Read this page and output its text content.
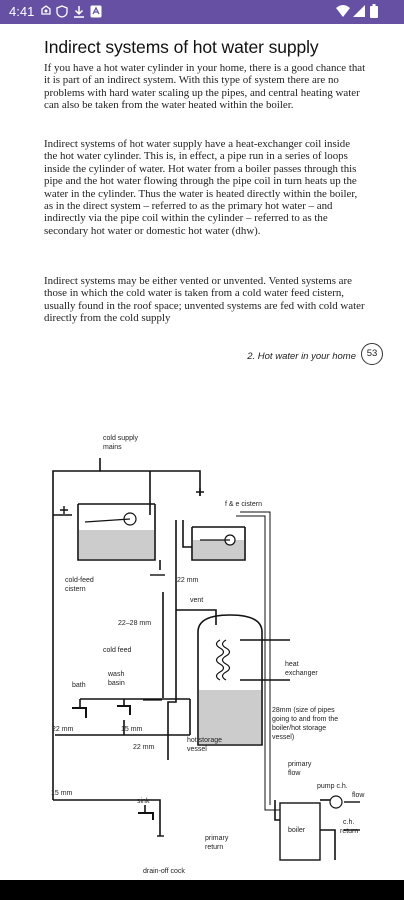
4:41
Indirect systems of hot water supply

If you have a hot water cylinder in your home, there is a good chance that it is part of an indirect system. With this type of system there are no problems with hard water scaling up the pipes, and central heating water can also be taken from the water heated within the boiler.

Indirect systems of hot water supply have a heat-exchanger coil inside the hot water cylinder. This is, in effect, a pipe run in a series of loops inside the cylinder of water. Hot water from a boiler passes through this pipe and the hot water flowing through the pipe coil in turn heats up the water in the cylinder. Thus the water is heated directly within the boiler, as in the direct system – referred to as the primary hot water – and indirectly via the pipe coil within the cylinder – referred to as the secondary hot water or domestic hot water (dhw).

Indirect systems may be either vented or unvented. Vented systems are those in which the cold water is taken from a cold water feed cistern, usually found in the roof space; unvented systems are fed with cold water directly from the cold supply

2. Hot water in your home	53
cold supply
mains
f & e cistern
cold-feed
cistern
22 mm
vent
22–28 mm
cold feed
heat
exchanger
bath
wash
basin
28mm (size of pipes
going to and from the
boiler/hot storage
vessel)
22 mm	15 mm
22 mm
hot storage
vessel
primary
flow
15 mm
sink
pump c.h.
flow
boiler
c.h.
return
primary
return
drain-off cock
